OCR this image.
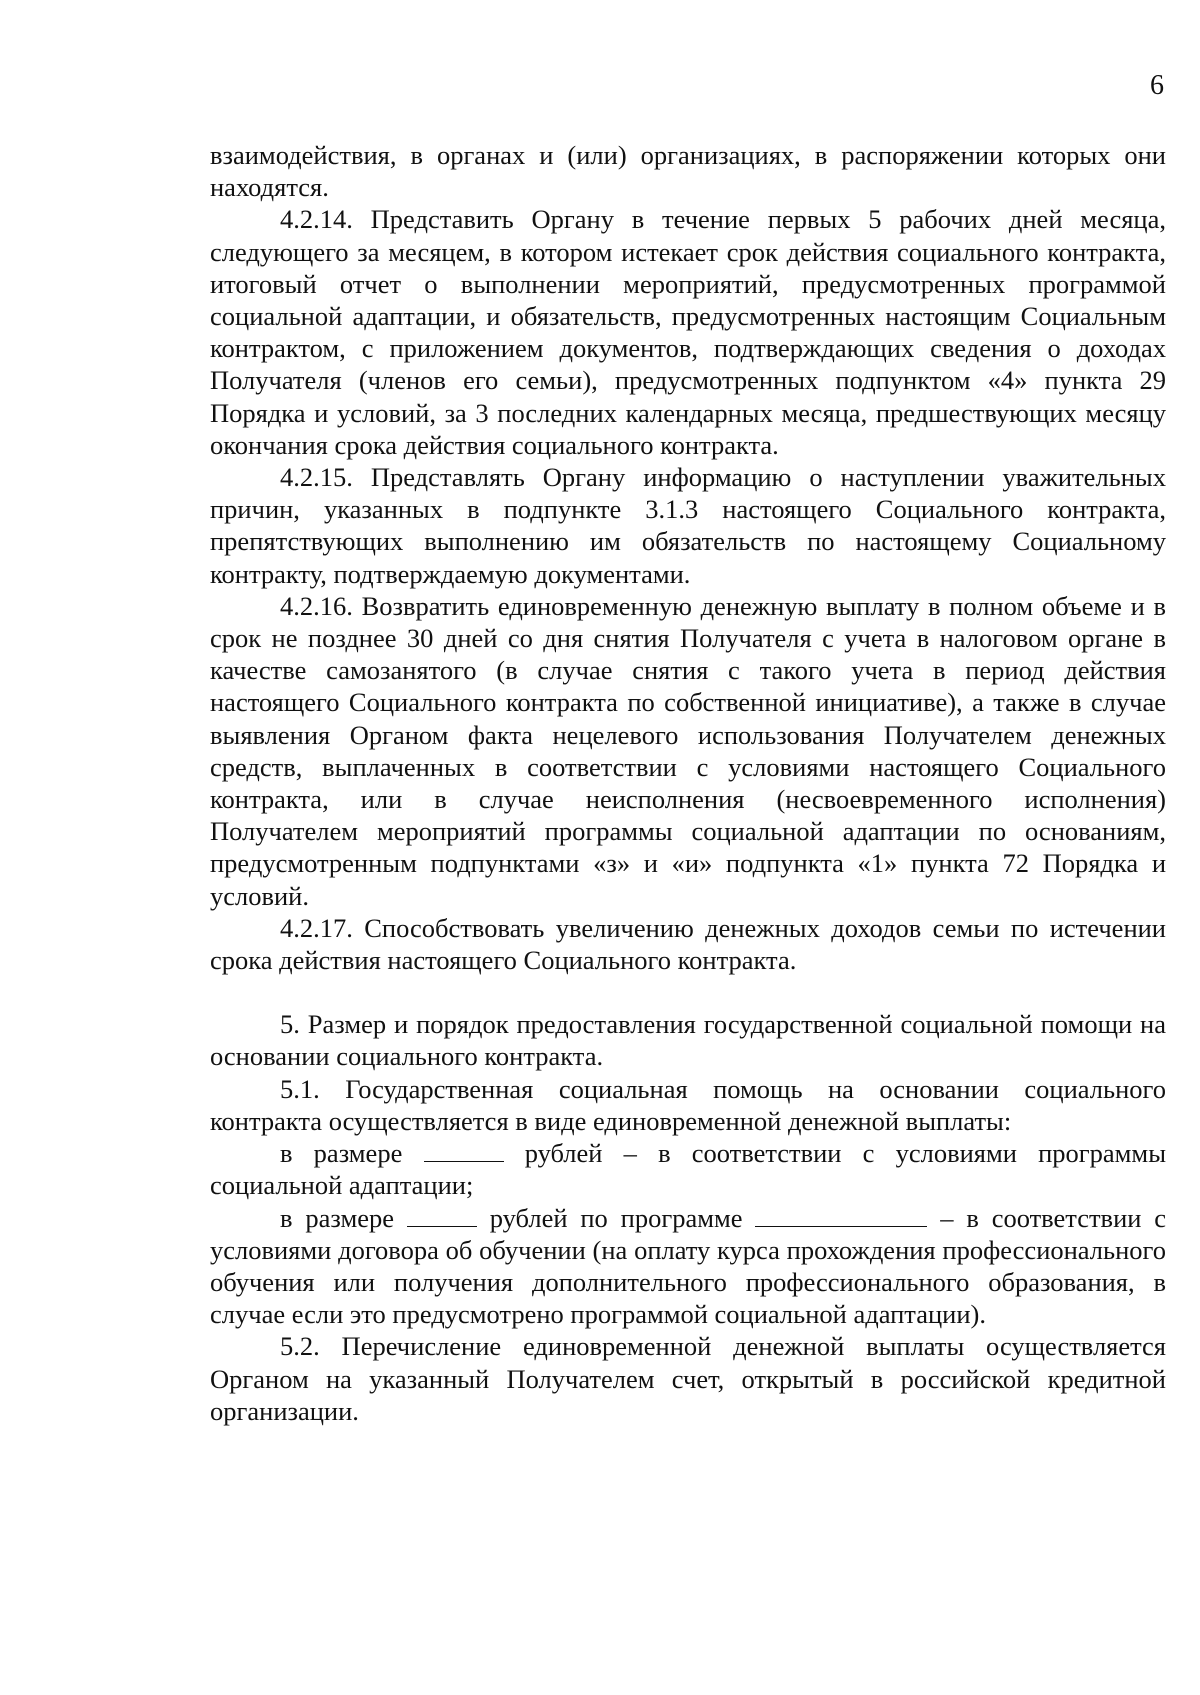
6

взаимодействия, в органах и (или) организациях, в распоряжении которых они находятся.

4.2.14. Представить Органу в течение первых 5 рабочих дней месяца, следующего за месяцем, в котором истекает срок действия социального контракта, итоговый отчет о выполнении мероприятий, предусмотренных программой социальной адаптации, и обязательств, предусмотренных настоящим Социальным контрактом, с приложением документов, подтверждающих сведения о доходах Получателя (членов его семьи), предусмотренных подпунктом «4» пункта 29 Порядка и условий, за 3 последних календарных месяца, предшествующих месяцу окончания срока действия социального контракта.

4.2.15. Представлять Органу информацию о наступлении уважительных причин, указанных в подпункте 3.1.3 настоящего Социального контракта, препятствующих выполнению им обязательств по настоящему Социальному контракту, подтверждаемую документами.

4.2.16. Возвратить единовременную денежную выплату в полном объеме и в срок не позднее 30 дней со дня снятия Получателя с учета в налоговом органе в качестве самозанятого (в случае снятия с такого учета в период действия настоящего Социального контракта по собственной инициативе), а также в случае выявления Органом факта нецелевого использования Получателем денежных средств, выплаченных в соответствии с условиями настоящего Социального контракта, или в случае неисполнения (несвоевременного исполнения) Получателем мероприятий программы социальной адаптации по основаниям, предусмотренным подпунктами «з» и «и» подпункта «1» пункта 72 Порядка и условий.

4.2.17. Способствовать увеличению денежных доходов семьи по истечении срока действия настоящего Социального контракта.

5. Размер и порядок предоставления государственной социальной помощи на основании социального контракта.

5.1. Государственная социальная помощь на основании социального контракта осуществляется в виде единовременной денежной выплаты:

в размере	рублей – в соответствии с условиями программы социальной адаптации;

в размере	рублей по программе	– в соответствии с условиями договора об обучении (на оплату курса прохождения профессионального обучения или получения дополнительного профессионального образования, в случае если это предусмотрено программой социальной адаптации).

5.2. Перечисление единовременной денежной выплаты осуществляется Органом на указанный Получателем счет, открытый в российской кредитной организации.
